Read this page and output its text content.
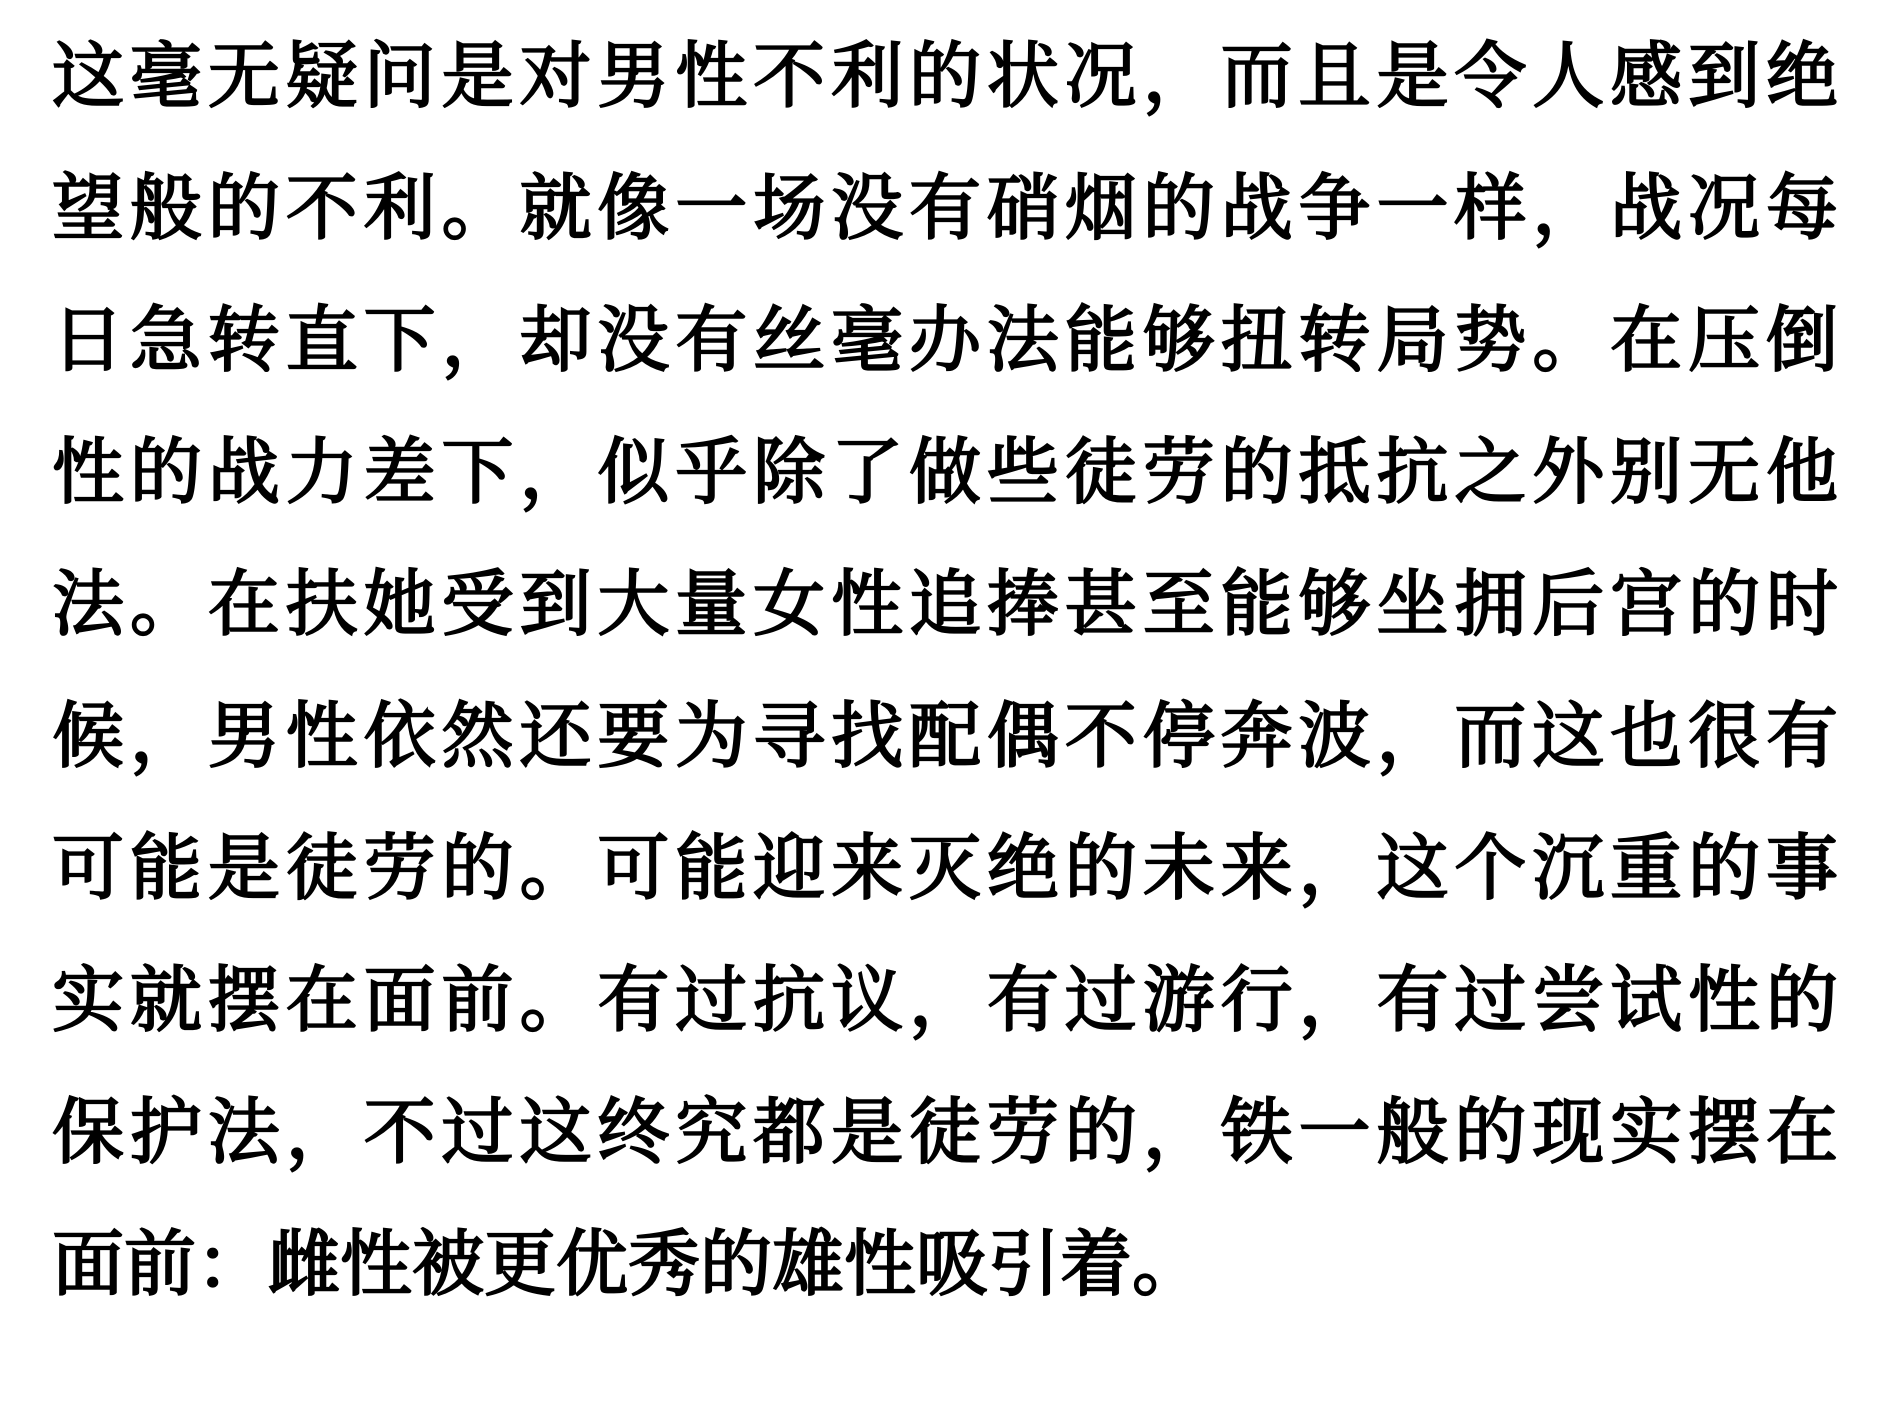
这毫无疑问是对男性不利的状况，而且是令人感到绝
望般的不利。就像一场没有硝烟的战争一样，战况每
日急转直下，却没有丝毫办法能够扭转局势。在压倒
性的战力差下，似乎除了做些徒劳的抵抗之外别无他
法。在扶她受到大量女性追捧甚至能够坐拥后宫的时
候，男性依然还要为寻找配偶不停奔波，而这也很有
可能是徒劳的。可能迎来灭绝的未来，这个沉重的事
实就摆在面前。有过抗议，有过游行，有过尝试性的
保护法，不过这终究都是徒劳的，铁一般的现实摆在
面前：雌性被更优秀的雄性吸引着。
